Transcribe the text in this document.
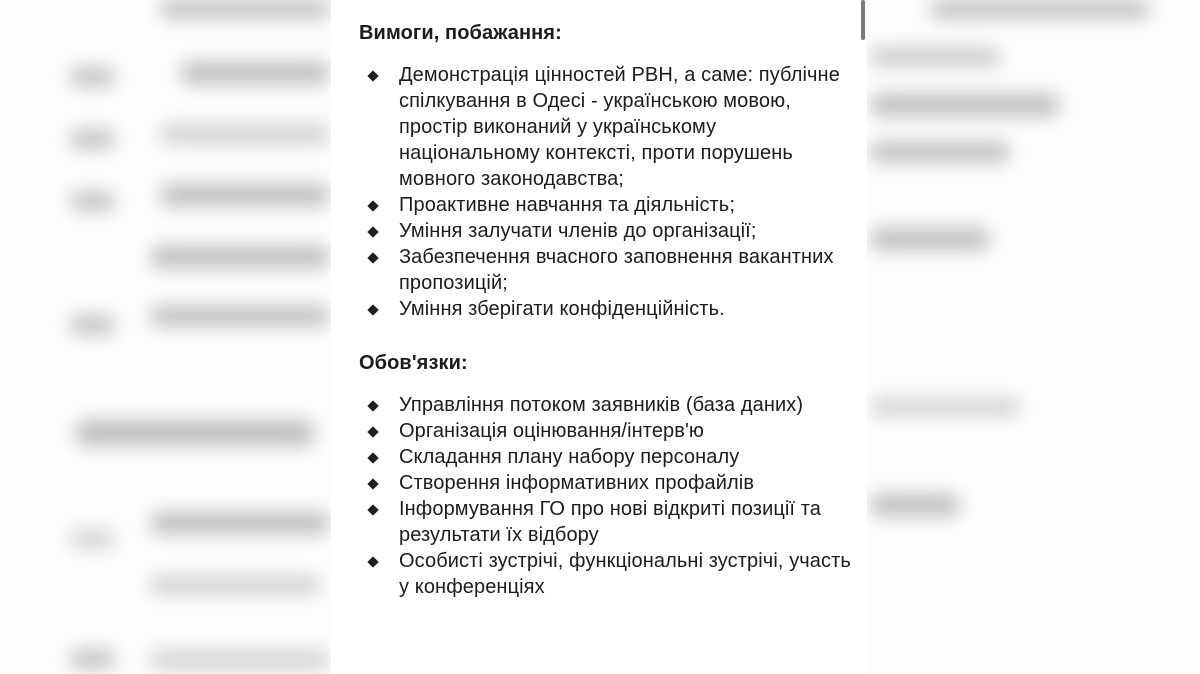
Вимоги, побажання:
Демонстрація цінностей РВН, а саме: публічне спілкування в Одесі - українською мовою, простір виконаний у українському національному контексті, проти порушень мовного законодавства;
Проактивне навчання та діяльність;
Уміння залучати членів до організації;
Забезпечення вчасного заповнення вакантних пропозицій;
Уміння зберігати конфіденційність.
Обов'язки:
Управління потоком заявників (база даних)
Організація оцінювання/інтерв'ю
Складання плану набору персоналу
Створення інформативних профайлів
Інформування ГО про нові відкриті позиції та результати їх відбору
Особисті зустрічі, функціональні зустрічі, участь у конференціях
